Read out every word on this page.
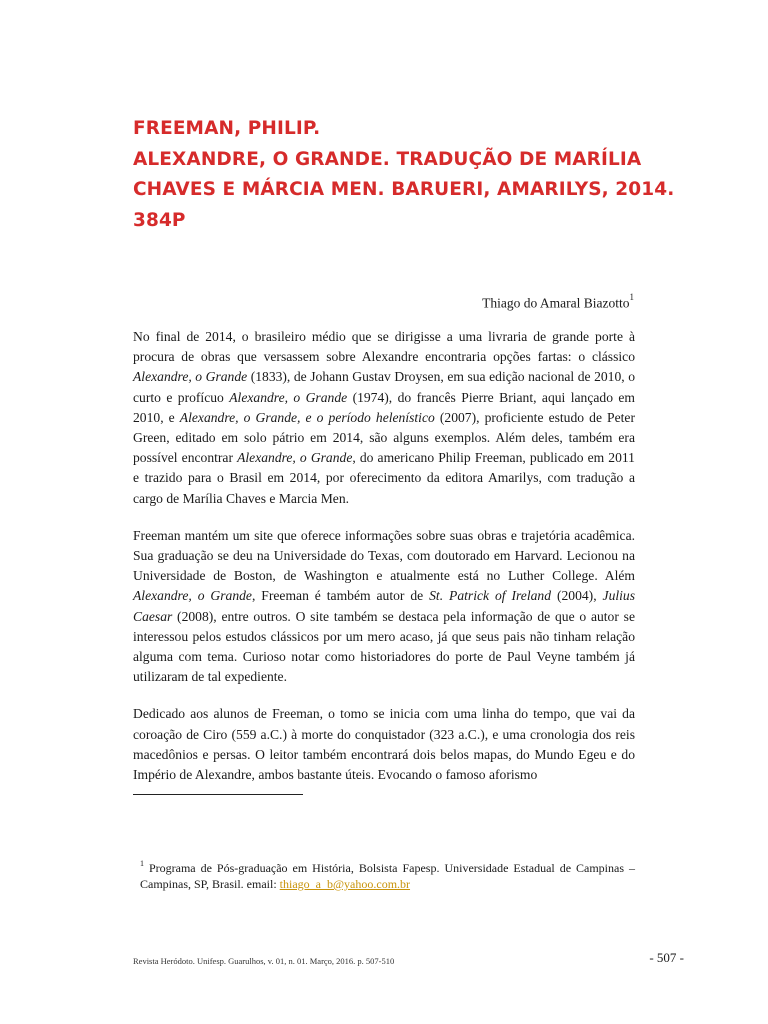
FREEMAN, PHILIP.
ALEXANDRE, O GRANDE. TRADUÇÃO DE MARÍLIA
CHAVES E MÁRCIA MEN. BARUERI, AMARILYS, 2014.
384P
Thiago do Amaral Biazotto$^1$

No final de 2014, o brasileiro médio que se dirigisse a uma livraria de grande porte à procura de obras que versassem sobre Alexandre encontraria opções fartas: o clássico Alexandre, o Grande (1833), de Johann Gustav Droysen, em sua edição nacional de 2010, o curto e profícuo Alexandre, o Grande (1974), do francês Pierre Briant, aqui lançado em 2010, e Alexandre, o Grande, e o período helenístico (2007), proficiente estudo de Peter Green, editado em solo pátrio em 2014, são alguns exemplos. Além deles, também era possível encontrar Alexandre, o Grande, do americano Philip Freeman, publicado em 2011 e trazido para o Brasil em 2014, por oferecimento da editora Amarilys, com tradução a cargo de Marília Chaves e Marcia Men.

Freeman mantém um site que oferece informações sobre suas obras e trajetória acadêmica. Sua graduação se deu na Universidade do Texas, com doutorado em Harvard. Lecionou na Universidade de Boston, de Washington e atualmente está no Luther College. Além Alexandre, o Grande, Freeman é também autor de St. Patrick of Ireland (2004), Julius Caesar (2008), entre outros. O site também se destaca pela informação de que o autor se interessou pelos estudos clássicos por um mero acaso, já que seus pais não tinham relação alguma com tema. Curioso notar como historiadores do porte de Paul Veyne também já utilizaram de tal expediente.

Dedicado aos alunos de Freeman, o tomo se inicia com uma linha do tempo, que vai da coroação de Ciro (559 a.C.) à morte do conquistador (323 a.C.), e uma cronologia dos reis macedônios e persas. O leitor também encontrará dois belos mapas, do Mundo Egeu e do Império de Alexandre, ambos bastante úteis. Evocando o famoso aforismo

$^1$ Programa de Pós-graduação em História, Bolsista Fapesp. Universidade Estadual de Campinas – Campinas, SP, Brasil. email: thiago_a_b@yahoo.com.br
Revista Heródoto. Unifesp. Guarulhos, v. 01, n. 01. Março, 2016. p. 507-510	- 507 -
